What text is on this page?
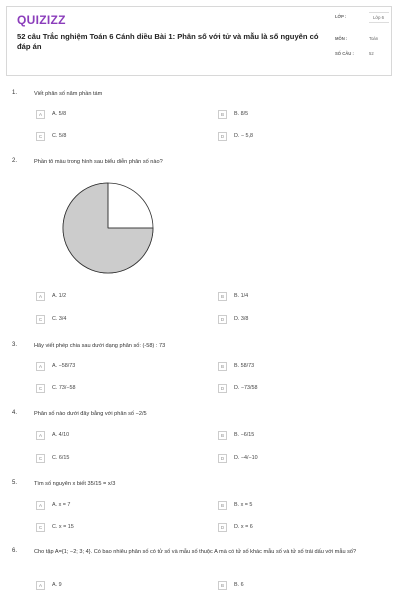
QUIZIZZ
52 câu Trắc nghiệm Toán 6 Cánh diều Bài 1: Phân số với tử và mẫu là số nguyên có đáp án
LỚP :	Lớp 6
MÔN :	Toán
SỐ CÂU :	52
1.	Viết phân số năm phần tám
A	A. 5/8	B	B. 8/5
C	C. 5/8	D	D. − 5,8
2.	Phần tô màu trong hình sau biểu diễn phân số nào?
A	A. 1/2	B	B. 1/4
C	C. 3/4	D	D. 3/8
3.	Hãy viết phép chia sau dưới dạng phân số: (-58) : 73
A	A. −58/73	B	B. 58/73
C	C. 73/−58	D	D. −73/58
4.	Phân số nào dưới đây bằng với phân số −2/5
A	A. 4/10	B	B. −6/15
C	C. 6/15	D	D. −4/−10
5.	Tìm số nguyên x biết 35/15 = x/3
A	A. x = 7	B	B. x = 5
C	C. x = 15	D	D. x = 6
6.	Cho tập A={1; −2; 3; 4}. Có bao nhiêu phân số có tử số và mẫu số thuộc A mà có tử số khác mẫu số và tử số trái dấu với mẫu số?
A	A. 9	B	B. 6
